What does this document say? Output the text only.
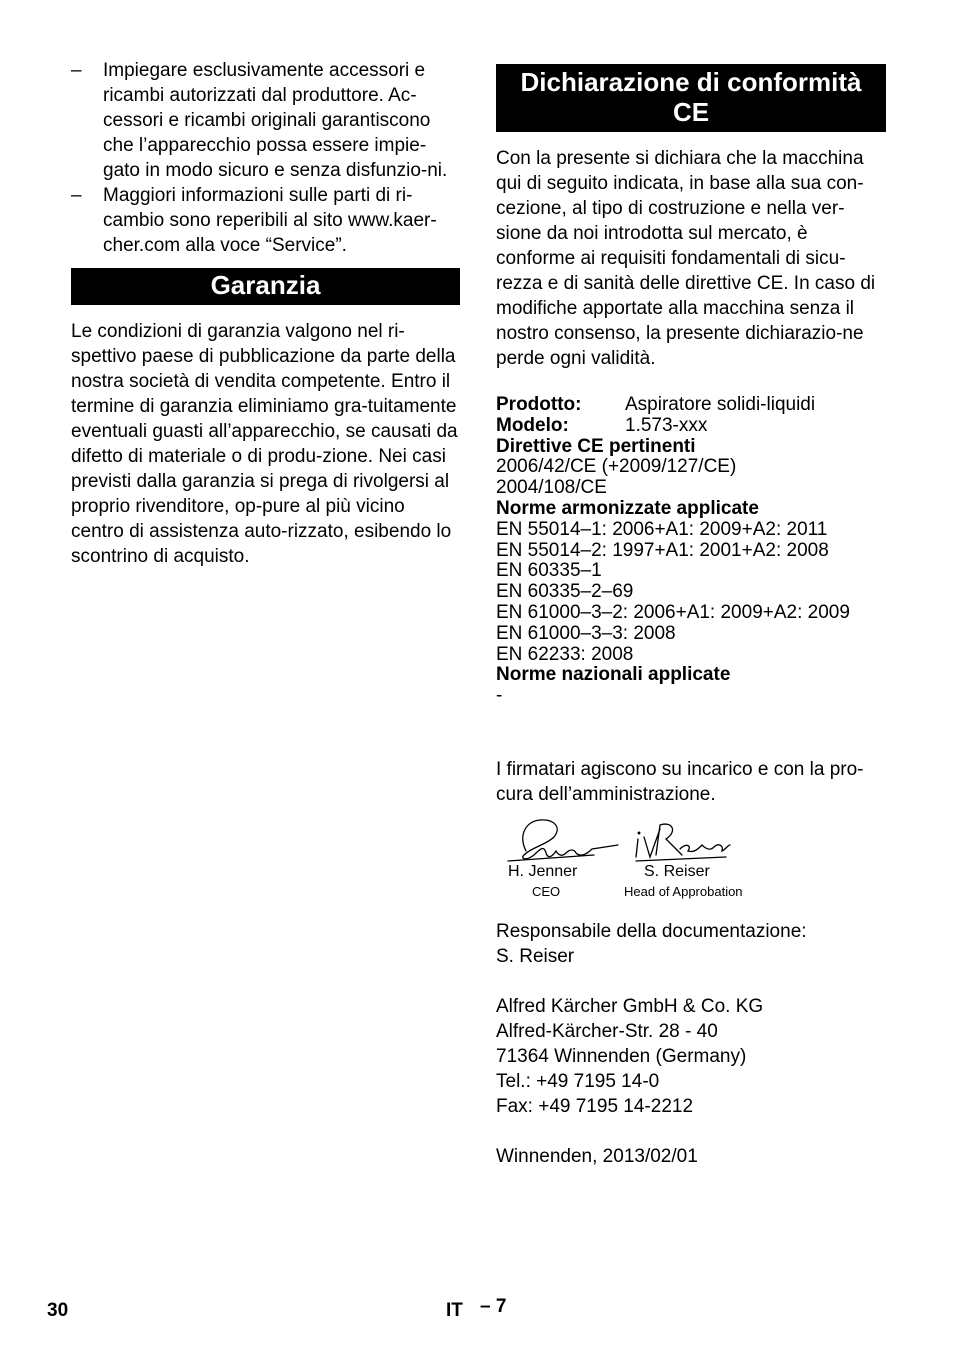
– Impiegare esclusivamente accessori e ricambi autorizzati dal produttore. Ac-cessori e ricambi originali garantiscono che l’apparecchio possa essere impie-gato in modo sicuro e senza disfunzio-ni.

– Maggiori informazioni sulle parti di ri-cambio sono reperibili al sito www.kaer-cher.com alla voce “Service”.

Garanzia

Le condizioni di garanzia valgono nel ri-spettivo paese di pubblicazione da parte della nostra società di vendita competente. Entro il termine di garanzia eliminiamo gra-tuitamente eventuali guasti all’apparecchio, se causati da difetto di materiale o di produ-zione. Nei casi previsti dalla garanzia si prega di rivolgersi al proprio rivenditore, op-pure al più vicino centro di assistenza auto-rizzato, esibendo lo scontrino di acquisto.

Dichiarazione di conformità
CE

Con la presente si dichiara che la macchina qui di seguito indicata, in base alla sua con-cezione, al tipo di costruzione e nella ver-sione da noi introdotta sul mercato, è conforme ai requisiti fondamentali di sicu-rezza e di sanità delle direttive CE. In caso di modifiche apportate alla macchina senza il nostro consenso, la presente dichiarazio-ne perde ogni validità.

Prodotto:	Aspiratore solidi-liquidi
Modelo:	1.573-xxx
Direttive CE pertinenti
2006/42/CE (+2009/127/CE)
2004/108/CE
Norme armonizzate applicate
EN 55014–1: 2006+A1: 2009+A2: 2011
EN 55014–2: 1997+A1: 2001+A2: 2008
EN 60335–1
EN 60335–2–69
EN 61000–3–2: 2006+A1: 2009+A2: 2009
EN 61000–3–3: 2008
EN 62233: 2008
Norme nazionali applicate
-

I firmatari agiscono su incarico e con la pro-cura dell’amministrazione.

H. Jenner
CEO
S. Reiser
Head of Approbation
Responsabile della documentazione:
S. Reiser
Alfred Kärcher GmbH & Co. KG
Alfred-Kärcher-Str. 28 - 40
71364 Winnenden (Germany)
Tel.: +49 7195 14-0
Fax: +49 7195 14-2212
Winnenden, 2013/02/01
30	IT – 7
